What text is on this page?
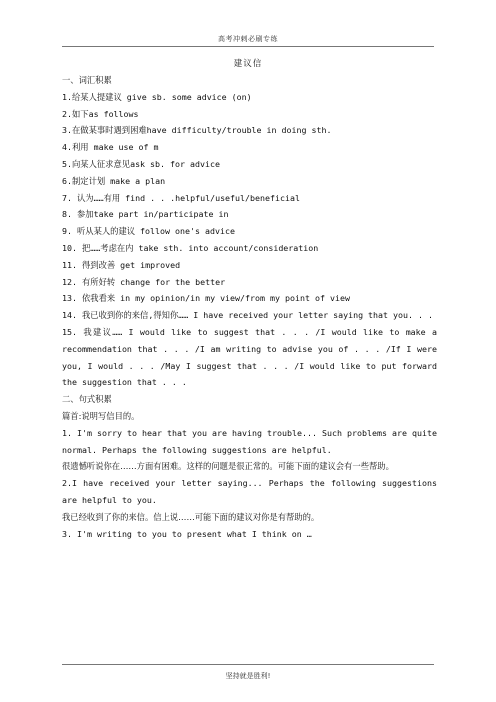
高考冲刺必刷专练
建议信

一、词汇积累

1.给某人提建议 give sb. some advice (on)

2.如下as follows

3.在做某事时遇到困难have difficulty/trouble in doing sth.

4.利用 make use of m

5.向某人征求意见ask sb. for advice

6.制定计划 make a plan

7. 认为……有用 find . . .helpful/useful/beneficial

8. 参加take part in/participate in

9. 听从某人的建议 follow one's advice

10. 把……考虑在内 take sth. into account/consideration

11. 得到改善 get improved

12. 有所好转 change for the better

13. 依我看来 in my opinion/in my view/from my point of view

14. 我已收到你的来信,得知你…… I have received your letter saying that you. . .

15. 我建议…… I would like to suggest that . . . /I would like to make a recommendation that . . . /I am writing to advise you of . . . /If I were you, I would . . . /May I suggest that . . . /I would like to put forward the suggestion that . . .

二、句式积累

篇首:说明写信目的。

1. I'm sorry to hear that you are having trouble... Such problems are quite normal. Perhaps the following suggestions are helpful.

很遗憾听说你在……方面有困难。这样的问题是很正常的。可能下面的建议会有一些帮助。

2.I have received your letter saying... Perhaps the following suggestions are helpful to you.

我已经收到了你的来信。信上说……可能下面的建议对你是有帮助的。

3. I'm writing to you to present what I think on …

坚持就是胜利!
